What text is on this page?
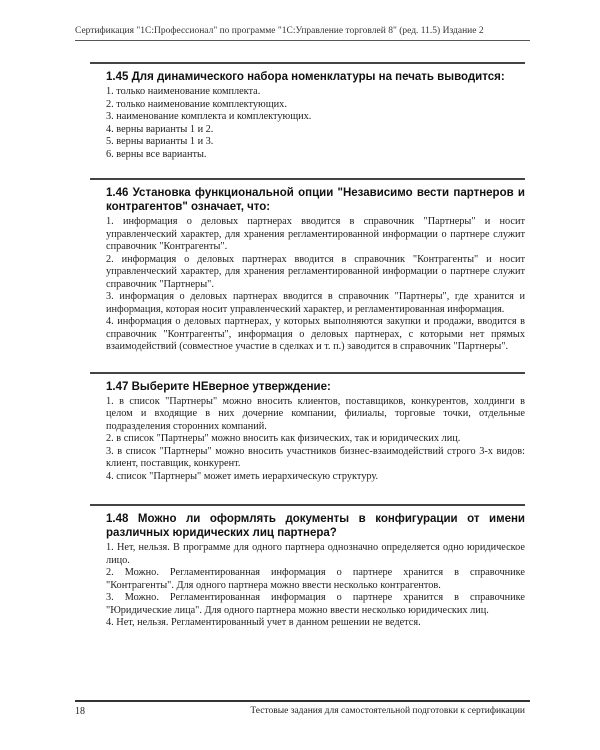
Сертификация "1С:Профессионал" по программе "1С:Управление торговлей 8" (ред. 11.5) Издание 2
1.45 Для динамического набора номенклатуры на печать выводится:
1. только наименование комплекта.
2. только наименование комплектующих.
3. наименование комплекта и комплектующих.
4. верны варианты 1 и 2.
5. верны варианты 1 и 3.
6. верны все варианты.
1.46 Установка функциональной опции "Независимо вести партнеров и контрагентов" означает, что:
1. информация о деловых партнерах вводится в справочник "Партнеры" и носит управленческий характер, для хранения регламентированной информации о партнере служит справочник "Контрагенты".
2. информация о деловых партнерах вводится в справочник "Контрагенты" и носит управленческий характер, для хранения регламентированной информации о партнере служит справочник "Партнеры".
3. информация о деловых партнерах вводится в справочник "Партнеры", где хранится и информация, которая носит управленческий характер, и регламентированная информация.
4. информация о деловых партнерах, у которых выполняются закупки и продажи, вводится в справочник "Контрагенты", информация о деловых партнерах, с которыми нет прямых взаимодействий (совместное участие в сделках и т. п.) заводится в справочник "Партнеры".
1.47 Выберите НЕверное утверждение:
1. в список "Партнеры" можно вносить клиентов, поставщиков, конкурентов, холдинги в целом и входящие в них дочерние компании, филиалы, торговые точки, отдельные подразделения сторонних компаний.
2. в список "Партнеры" можно вносить как физических, так и юридических лиц.
3. в список "Партнеры" можно вносить участников бизнес-взаимодействий строго 3-х видов: клиент, поставщик, конкурент.
4. список "Партнеры" может иметь иерархическую структуру.
1.48 Можно ли оформлять документы в конфигурации от имени различных юридических лиц партнера?
1. Нет, нельзя. В программе для одного партнера однозначно определяется одно юридическое лицо.
2. Можно. Регламентированная информация о партнере хранится в справочнике "Контрагенты". Для одного партнера можно ввести несколько контрагентов.
3. Можно. Регламентированная информация о партнере хранится в справочнике "Юридические лица". Для одного партнера можно ввести несколько юридических лиц.
4. Нет, нельзя. Регламентированный учет в данном решении не ведется.
18	Тестовые задания для самостоятельной подготовки к сертификации
